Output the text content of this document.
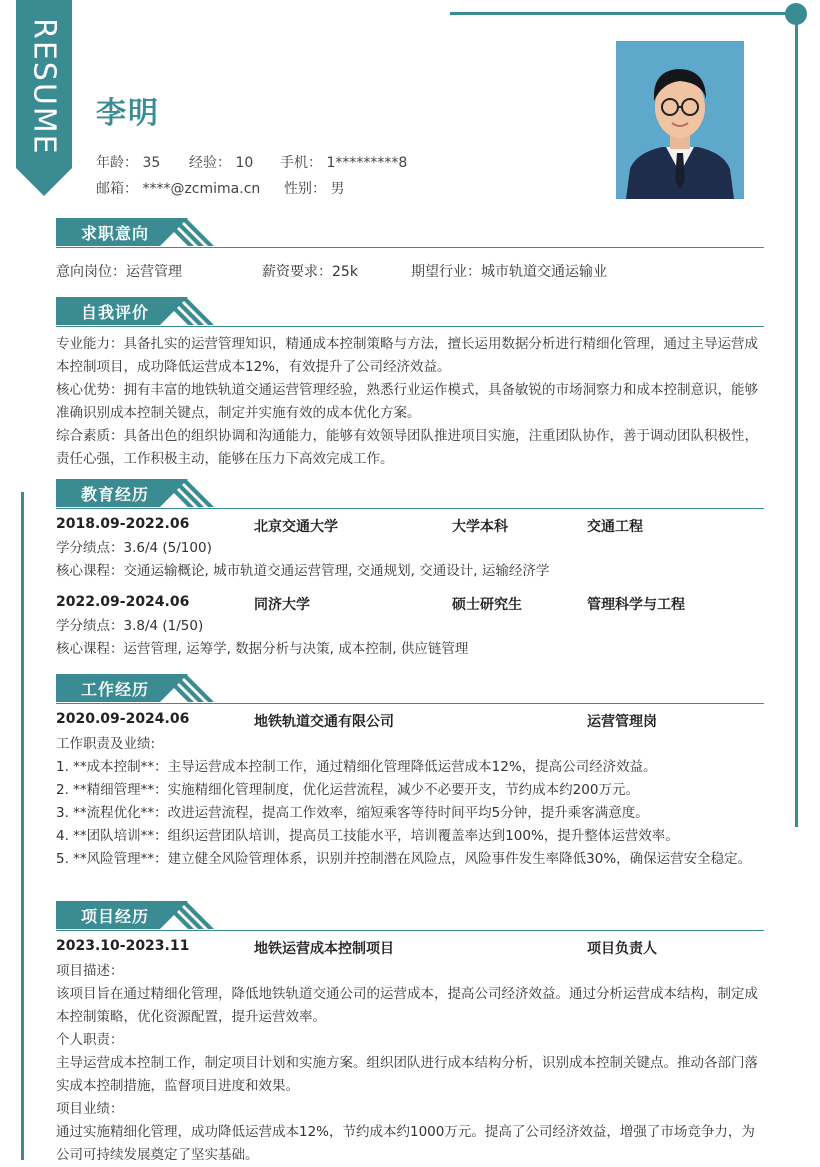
RESUME 李明
年龄： 35 经验： 10 手机： 1*********8
邮箱： ****@zcmima.cn 性别： 男
求职意向
意向岗位：运营管理	薪资要求：25k	期望行业：城市轨道交通运输业
自我评价

专业能力：具备扎实的运营管理知识，精通成本控制策略与方法，擅长运用数据分析进行精细化管理，通过主导运营成本控制项目，成功降低运营成本12%，有效提升了公司经济效益。

核心优势：拥有丰富的地铁轨道交通运营管理经验，熟悉行业运作模式，具备敏锐的市场洞察力和成本控制意识，能够准确识别成本控制关键点，制定并实施有效的成本优化方案。

综合素质：具备出色的组织协调和沟通能力，能够有效领导团队推进项目实施，注重团队协作，善于调动团队积极性，责任心强，工作积极主动，能够在压力下高效完成工作。

教育经历
2018.09-2022.06	北京交通大学	大学本科	交通工程

学分绩点：3.6/4 (5/100)

核心课程：交通运输概论, 城市轨道交通运营管理, 交通规划, 交通设计, 运输经济学

2022.09-2024.06	同济大学	硕士研究生	管理科学与工程

学分绩点：3.8/4 (1/50)

核心课程：运营管理, 运筹学, 数据分析与决策, 成本控制, 供应链管理

工作经历
2020.09-2024.06	地铁轨道交通有限公司	运营管理岗

工作职责及业绩:

1. **成本控制**：主导运营成本控制工作，通过精细化管理降低运营成本12%，提高公司经济效益。

2. **精细管理**：实施精细化管理制度，优化运营流程，减少不必要开支，节约成本约200万元。

3. **流程优化**：改进运营流程，提高工作效率，缩短乘客等待时间平均5分钟，提升乘客满意度。

4. **团队培训**：组织运营团队培训，提高员工技能水平，培训覆盖率达到100%，提升整体运营效率。

5. **风险管理**：建立健全风险管理体系，识别并控制潜在风险点，风险事件发生率降低30%，确保运营安全稳定。

项目经历
2023.10-2023.11	地铁运营成本控制项目	项目负责人

项目描述：

该项目旨在通过精细化管理，降低地铁轨道交通公司的运营成本，提高公司经济效益。通过分析运营成本结构，制定成本控制策略，优化资源配置，提升运营效率。

个人职责：

主导运营成本控制工作，制定项目计划和实施方案。组织团队进行成本结构分析，识别成本控制关键点。推动各部门落实成本控制措施，监督项目进度和效果。

项目业绩：

通过实施精细化管理，成功降低运营成本12%，节约成本约1000万元。提高了公司经济效益，增强了市场竞争力，为公司可持续发展奠定了坚实基础。
